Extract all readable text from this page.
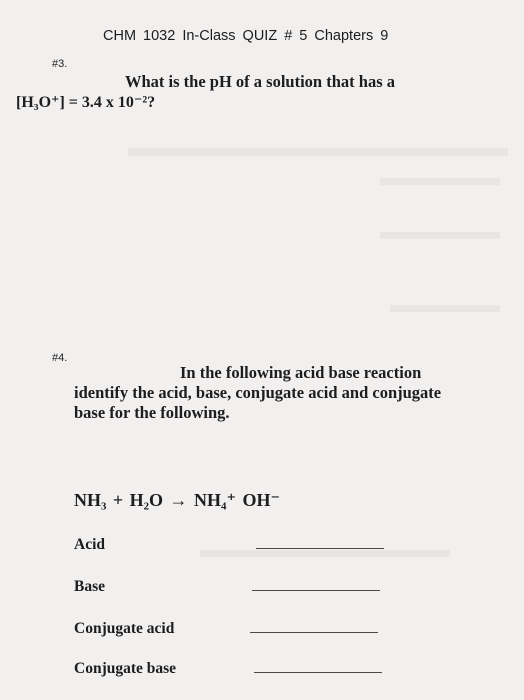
CHM 1032 In-Class QUIZ # 5 Chapters 9
#3.
What is the pH of a solution that has a
[H₃O⁺] = 3.4 x 10⁻²?
#4.
In the following acid base reaction
identify the acid, base, conjugate acid and conjugate
base for the following.
NH₃ + H₂O → NH₄⁺ OH⁻
Acid
Base
Conjugate acid
Conjugate base
